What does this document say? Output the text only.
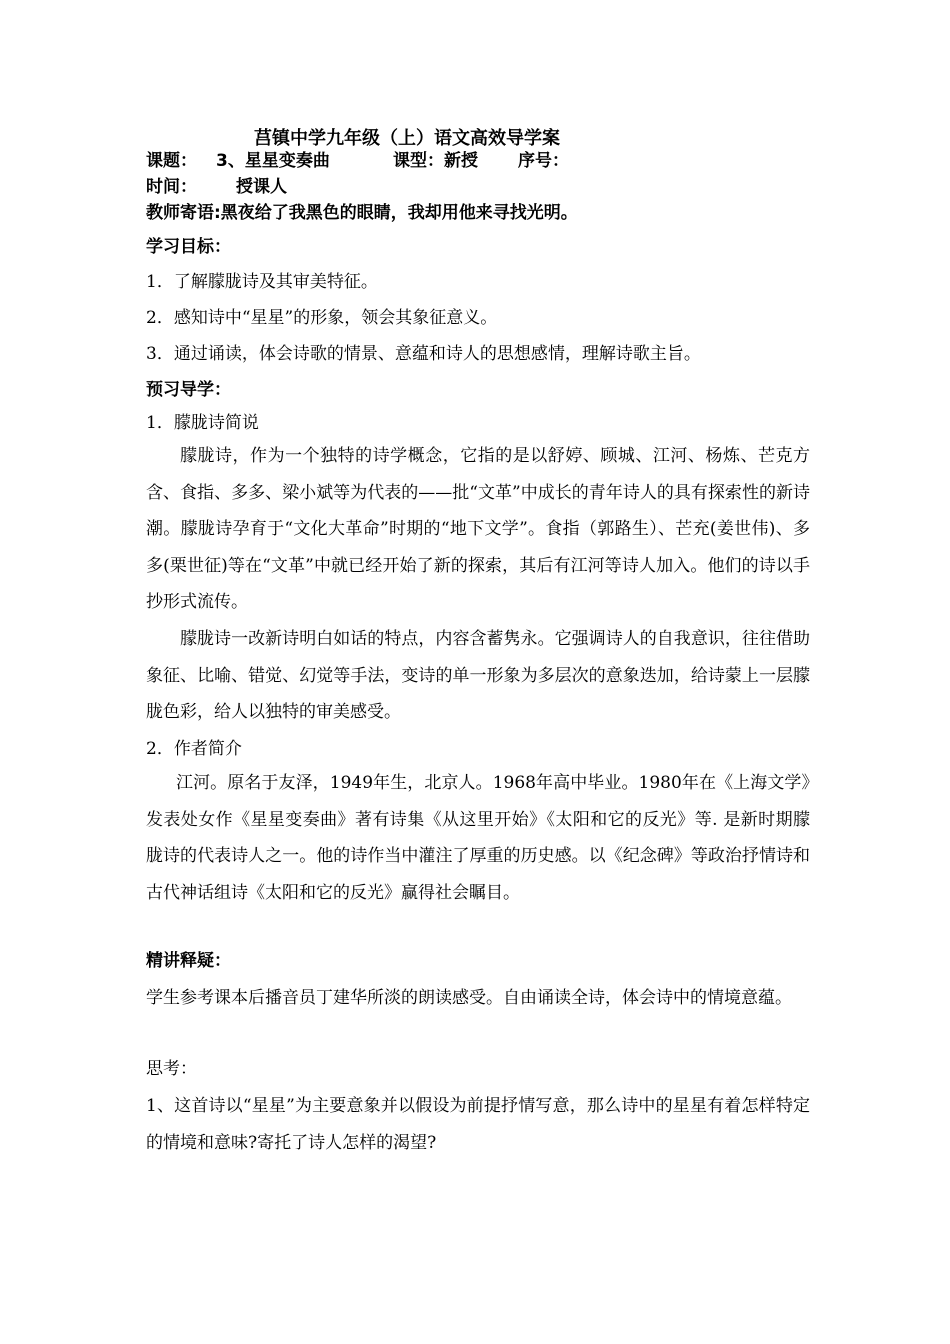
莒镇中学九年级（上）语文高效导学案
课题： 3、星星变奏曲	课型：新授 序号：
时间： 授课人
教师寄语:黑夜给了我黑色的眼睛，我却用他来寻找光明。
学习目标：
1．了解朦胧诗及其审美特征。
2．感知诗中“星星”的形象，领会其象征意义。
3．通过诵读，体会诗歌的情景、意蕴和诗人的思想感情，理解诗歌主旨。
预习导学：
1．朦胧诗简说

朦胧诗，作为一个独特的诗学概念，它指的是以舒婷、顾城、江河、杨炼、芒克方含、食指、多多、梁小斌等为代表的——批“文革”中成长的青年诗人的具有探索性的新诗潮。朦胧诗孕育于“文化大革命”时期的“地下文学”。食指（郭路生）、芒充(姜世伟)、多多(栗世征)等在“文革”中就已经开始了新的探索，其后有江河等诗人加入。他们的诗以手抄形式流传。

朦胧诗一改新诗明白如话的特点，内容含蓄隽永。它强调诗人的自我意识，往往借助象征、比喻、错觉、幻觉等手法，变诗的单一形象为多层次的意象迭加，给诗蒙上一层朦胧色彩，给人以独特的审美感受。

2．作者简介

江河。原名于友泽，1949年生，北京人。1968年高中毕业。1980年在《上海文学》发表处女作《星星变奏曲》著有诗集《从这里开始》《太阳和它的反光》等. 是新时期朦胧诗的代表诗人之一。他的诗作当中灌注了厚重的历史感。以《纪念碑》等政治抒情诗和古代神话组诗《太阳和它的反光》赢得社会瞩目。

精讲释疑：

学生参考课本后播音员丁建华所淡的朗读感受。自由诵读全诗，体会诗中的情境意蕴。

思考：

1、这首诗以“星星”为主要意象并以假设为前提抒情写意，那么诗中的星星有着怎样特定的情境和意味?寄托了诗人怎样的渴望?
